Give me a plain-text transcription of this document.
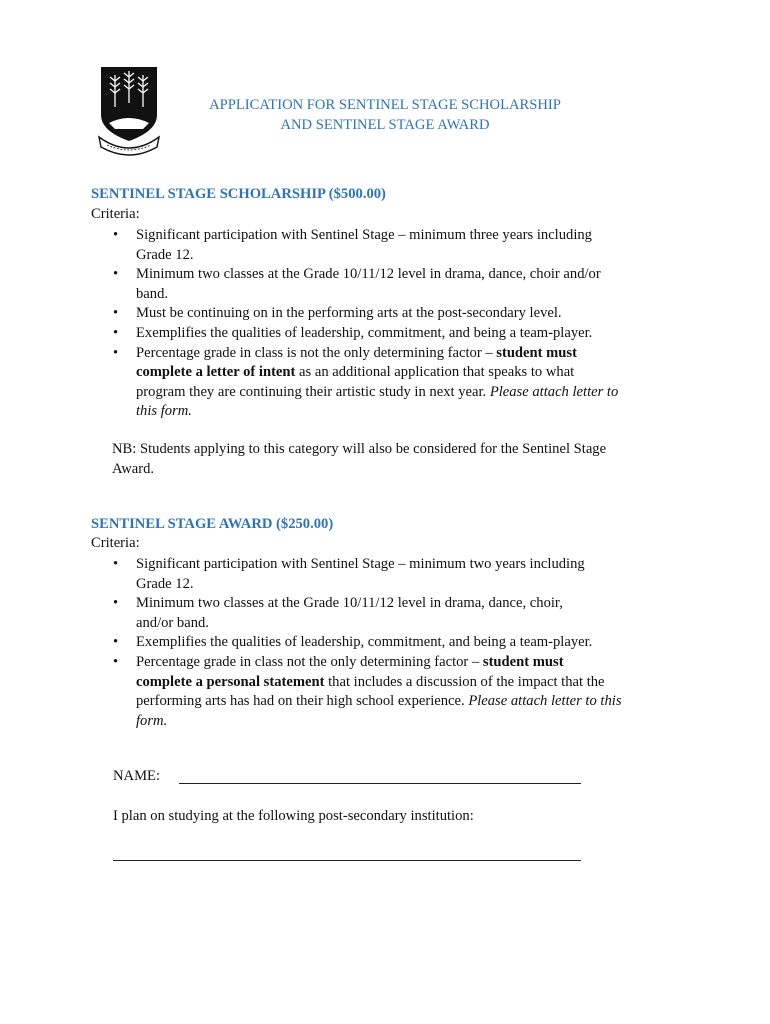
APPLICATION FOR SENTINEL STAGE SCHOLARSHIP
AND SENTINEL STAGE AWARD
SENTINEL STAGE SCHOLARSHIP ($500.00)
Criteria:
• Significant participation with Sentinel Stage – minimum three years including
Grade 12.
• Minimum two classes at the Grade 10/11/12 level in drama, dance, choir and/or
band.
• Must be continuing on in the performing arts at the post-secondary level.
• Exemplifies the qualities of leadership, commitment, and being a team-player.
• Percentage grade in class is not the only determining factor – student must
complete a letter of intent as an additional application that speaks to what
program they are continuing their artistic study in next year. Please attach letter to
this form.
NB: Students applying to this category will also be considered for the Sentinel Stage
Award.
SENTINEL STAGE AWARD ($250.00)
Criteria:
• Significant participation with Sentinel Stage – minimum two years including
Grade 12.
• Minimum two classes at the Grade 10/11/12 level in drama, dance, choir,
and/or band.
• Exemplifies the qualities of leadership, commitment, and being a team-player.
• Percentage grade in class not the only determining factor – student must
complete a personal statement that includes a discussion of the impact that the
performing arts has had on their high school experience. Please attach letter to this
form.
NAME:
I plan on studying at the following post-secondary institution:
